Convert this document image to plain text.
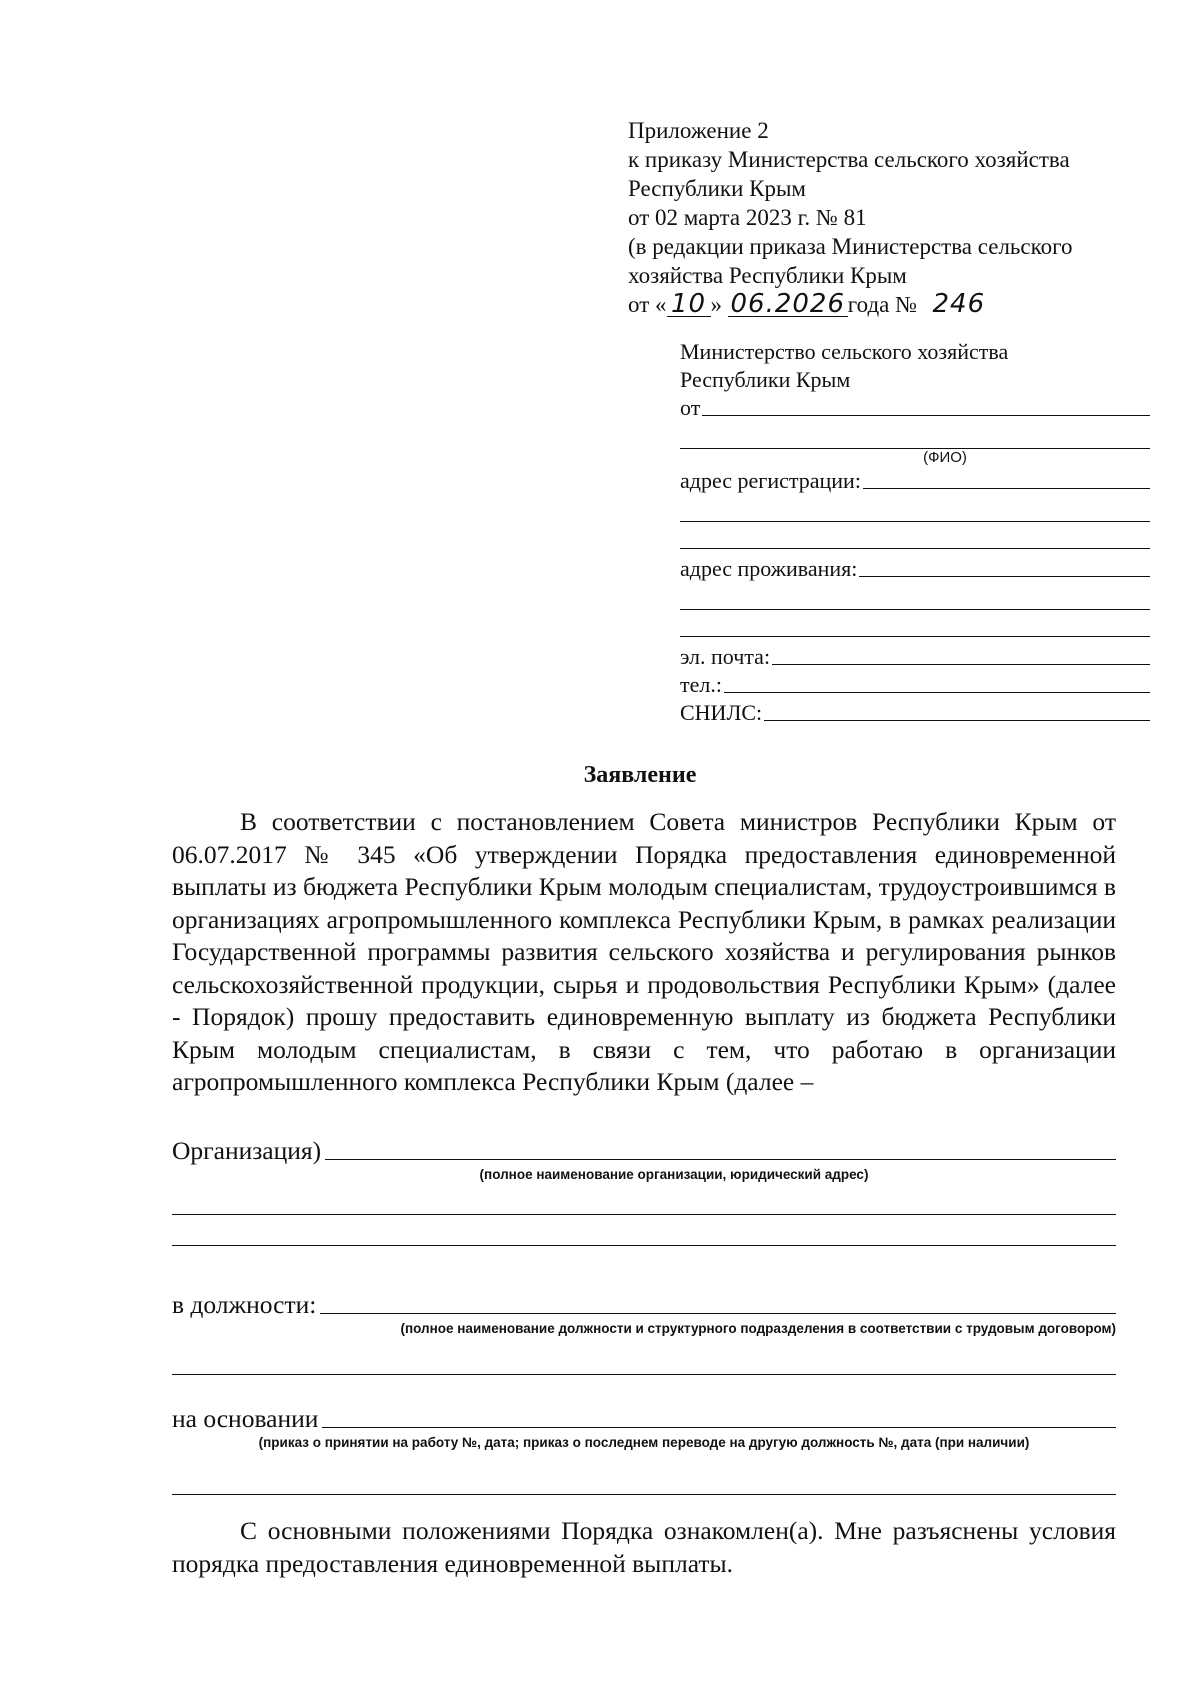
Приложение 2
к приказу Министерства сельского хозяйства
Республики Крым
от 02 марта 2023 г. № 81
(в редакции приказа Министерства сельского
хозяйства Республики Крым
от « 10 » 06.2026 года № 246
Министерство сельского хозяйства
Республики Крым
от
(ФИО)
адрес регистрации:
адрес проживания:
эл. почта:
тел.:
СНИЛС:
Заявление

В соответствии с постановлением Совета министров Республики Крым от 06.07.2017 № 345 «Об утверждении Порядка предоставления единовременной выплаты из бюджета Республики Крым молодым специалистам, трудоустроившимся в организациях агропромышленного комплекса Республики Крым, в рамках реализации Государственной программы развития сельского хозяйства и регулирования рынков сельскохозяйственной продукции, сырья и продовольствия Республики Крым» (далее - Порядок) прошу предоставить единовременную выплату из бюджета Республики Крым молодым специалистам, в связи с тем, что работаю в организации агропромышленного комплекса Республики Крым (далее –

Организация)
(полное наименование организации, юридический адрес)
в должности:
(полное наименование должности и структурного подразделения в соответствии с трудовым договором)
на основании
(приказ о принятии на работу №, дата; приказ о последнем переводе на другую должность №, дата (при наличии)

С основными положениями Порядка ознакомлен(а). Мне разъяснены условия порядка предоставления единовременной выплаты.
